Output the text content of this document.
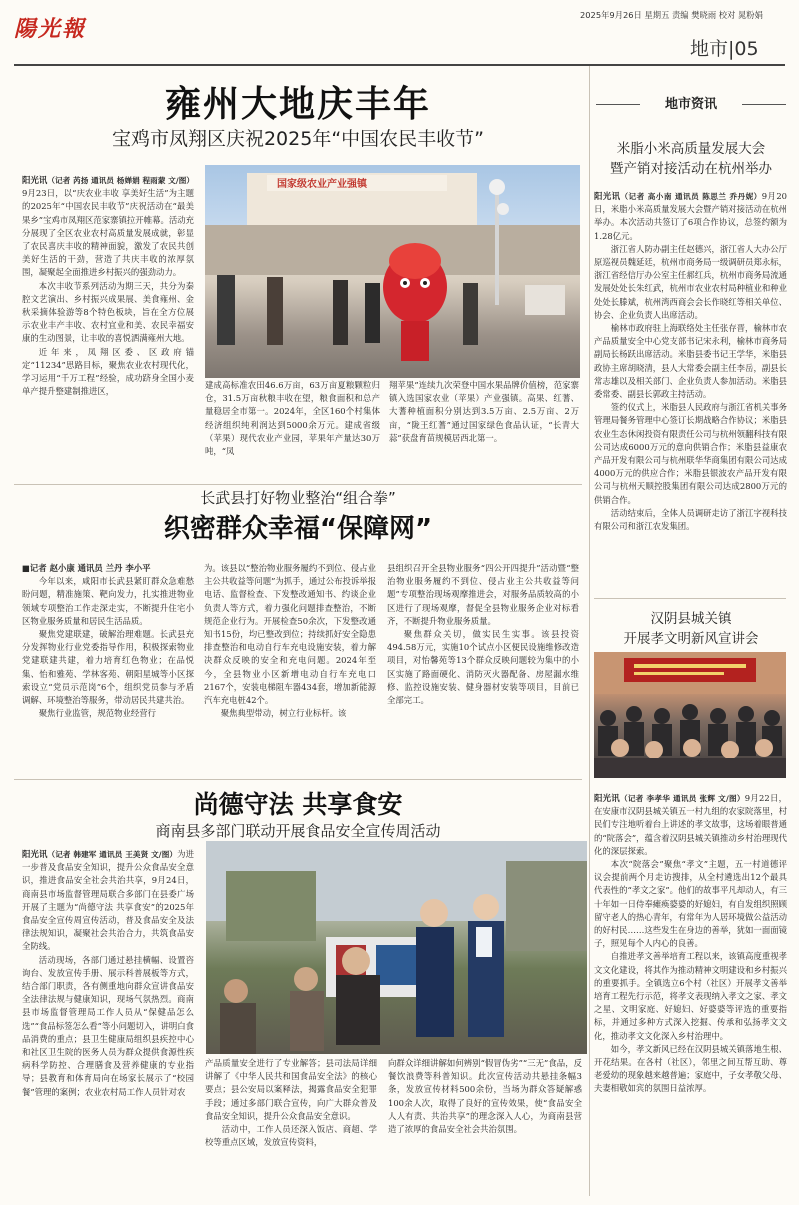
陽光報
2025年9月26日 星期五 责编 樊晓雨 校对 晁粉娟
地市|05
雍州大地庆丰年
宝鸡市凤翔区庆祝2025年“中国农民丰收节”

阳光讯（记者 芮扬 通讯员 杨婵娟 程雨蒙 文/图）9月23日，以“庆农业丰收 享美好生活”为主题的2025年“中国农民丰收节”庆祝活动在“最美果乡”宝鸡市凤翔区范家寨镇拉开帷幕。活动充分展现了全区农业农村高质量发展成就，彰显了农民喜庆丰收的精神面貌，激发了农民共创美好生活的干劲，营造了共庆丰收的浓厚氛围，凝聚起全面推进乡村振兴的强劲动力。

本次丰收节系列活动为期三天，共分为秦腔文艺演出、乡村振兴成果展、美食雍州、金秋采摘体验游等8个特色板块，旨在全方位展示农业丰产丰收、农村宜业和美、农民幸福安康的生动图景，让丰收的喜悦洒满雍州大地。

近年来，凤翔区委、区政府锚定“11234”思路目标，聚焦农业农村现代化，学习运用“千万工程”经验，成功跻身全国小麦单产提升整建制推进区，

国家级农业产业强镇

建成高标准农田46.6万亩，63万亩夏粮颗粒归仓，31.5万亩秋粮丰收在望，粮食面积和总产量稳居全市第一。2024年，全区160个村集体经济组织纯利润达到5000余万元。建成省级（苹果）现代农业产业园，苹果年产量达30万吨，“凤

翔苹果”连续九次荣登中国水果品牌价值榜，范家寨镇入选国家农业（苹果）产业强镇。高果、红蓍、大蓍种植面积分别达到3.5万亩、2.5万亩、2万亩，“陇王红蓍”通过国家绿色食品认证，“长青大蒜”获盘育苗规模居西北第一。

长武县打好物业整治“组合拳”
织密群众幸福“保障网”

■记者 赵小康 通讯员 兰丹 李小平

今年以来，咸阳市长武县紧盯群众急难愁盼问题，精准施策、靶向发力，扎实推进物业领域专项整治工作走深走实，不断提升住宅小区物业服务质量和居民生活品质。

聚焦党建联建，破解治理难题。长武县充分发挥物业行业党委指导作用，积极探索物业党建联建共建，着力培育红色物业；在品悦集、怡和雅苑、学林客苑、朝阳星城等小区探索设立“党员示范岗”6个，组织党员参与矛盾调解、环境整治等服务，带动居民共建共治。

聚焦行业监管，规范物业经营行

为。该县以“整治物业服务履约不到位、侵占业主公共收益等问题”为抓手，通过公布投诉举报电话、监督检查、下发整改通知书、约谈企业负责人等方式，着力强化问题排查整治，不断规范企业行为。开展检查50余次，下发整改通知书15份，均已整改到位；持续抓好安全隐患排查整治和电动自行车充电设施安装，着力解决群众反映的安全和充电问题。2024年至今，全县物业小区新增电动自行车充电口2167个，安装电梯阻车器434套，增加新能源汽车充电桩42个。

聚焦典型带动，树立行业标杆。该

县组织召开全县物业服务“四公开四提升”活动暨“整治物业服务履约不到位、侵占业主公共收益等问题”专项整治现场观摩推进会，对服务品质较高的小区进行了现场观摩，督促全县物业服务企业对标看齐，不断提升物业服务质量。

聚焦群众关切，做实民生实事。该县投资494.58万元，实施10个试点小区便民设施维修改造项目，对怡馨苑等13个群众反映问题较为集中的小区实施了路面硬化、消防灭火器配备、房屋漏水维修、监控设施安装、健身器材安装等项目，目前已全部完工。

尚德守法 共享食安
商南县多部门联动开展食品安全宣传周活动

阳光讯（记者 韩建军 通讯员 王美贤 文/图）为进一步普及食品安全知识，提升公众食品安全意识，推进食品安全社会共治共享，9月24日，商南县市场监督管理局联合多部门在县委广场开展了主题为“尚德守法 共享食安”的2025年食品安全宣传周宣传活动，普及食品安全及法律法规知识，凝聚社会共治合力，共筑食品安全防线。

活动现场，各部门通过悬挂横幅、设置咨询台、发放宣传手册、展示科普展板等方式，结合部门职责，各有侧重地向群众宣讲食品安全法律法规与健康知识，现场气氛热烈。商南县市场监督管理局工作人员从“保健品怎么选”“食品标签怎么看”等小问题切入，讲明白食品消费的重点；县卫生健康局组织县疾控中心和社区卫生院的医务人员为群众提供食源性疾病科学防控、合理膳食及营养健康的专业指导；县教育和体育局向在场家长展示了“校园餐”管理的案例；农业农村局工作人员针对农

产品质量安全进行了专业解答；县司法局详细讲解了《中华人民共和国食品安全法》的核心要点；县公安局以案释法，揭露食品安全犯罪手段；通过多部门联合宣传，向广大群众普及食品安全知识，提升公众食品安全意识。

活动中，工作人员还深入饭店、商超、学校等重点区域，发放宣传资料，

向群众详细讲解如何辨别“假冒伪劣”“三无”食品，反餐饮浪费等科普知识。此次宣传活动共悬挂条幅3条，发放宣传材料500余份，当场为群众答疑解惑100余人次，取得了良好的宣传效果，使“食品安全人人有责、共治共享”的理念深入人心，为商南县营造了浓厚的食品安全社会共治氛围。

地市资讯
米脂小米高质量发展大会
暨产销对接活动在杭州举办

阳光讯（记者 高小南 通讯员 陈思兰 乔丹妮）9月20日，米脂小米高质量发展大会暨产销对接活动在杭州举办。本次活动共签订了6项合作协议，总签约额为1.28亿元。

浙江省人防办副主任赵德兴，浙江省人大办公厅原巡视员魏延廷，杭州市商务局一级调研员郑永标，浙江省经信厅办公室主任郝红兵，杭州市商务局流通发展处处长朱红武，杭州市农业农村局种植业和种业处处长滕斌，杭州湾西商会会长作晓红等相关单位、协会、企业负责人出席活动。

榆林市政府驻上海联络处主任张存晋，榆林市农产品质量安全中心党支部书记宋永利，榆林市商务局副局长杨跃出席活动。米脂县委书记王学华，米脂县政协主席胡晓清，县人大常委会副主任李岳，副县长常志雄以及相关部门、企业负责人参加活动。米脂县委常委、副县长郭政主持活动。

签约仪式上，米脂县人民政府与浙江省机关事务管理局餐务管理中心签订长期战略合作协议；米脂县农业生态休闲投资有限责任公司与杭州领翻科技有限公司达成6000万元的意向供销合作；米脂县益康农产品开发有限公司与杭州联华华商集团有限公司达成4000万元的供应合作；米脂县银波农产品开发有限公司与杭州天顺控股集团有限公司达成2800万元的供销合作。

活动结束后，全体人员调研走访了浙江字视科技有限公司和浙江农发集团。

汉阴县城关镇
开展孝文明新风宣讲会

阳光讯（记者 李孝华 通讯员 张辉 文/图）9月22日，在安康市汉阴县城关镇五一村九组的农家院落里，村民们专注地听着台上讲述的孝文故事，这场着眼普通的“院落会”，蕴含着汉阴县城关镇推动乡村治理现代化的深层探索。

本次“院落会”聚焦“孝文”主题，五一村道德评议会提前两个月走访搜排，从全村遴选出12个最具代表性的“孝文之家”。他们的故事平凡却动人，有三十年如一日侍奉瘫痪婆婆的好媳妇，有自发组织照顾留守老人的热心青年，有常年为人居环境做公益活动的好村民……这些发生在身边的善举，犹如一面面镜子，照见每个人内心的良善。

自推进孝文善举培育工程以来，该镇高度重视孝文文化建设，将其作为推动精神文明建设和乡村振兴的重要抓手。全镇选立6个村（社区）开展孝文善举培育工程先行示范，将孝文表现纳入孝文之家、孝文之星、文明家庭、好媳妇、好婆婆等评选的重要指标，并通过多种方式深入挖掘、传承和弘扬孝文文化，推动孝文文化深入乡村治理中。

如今，孝文新风已经在汉阴县城关镇落地生根、开花结果。在各村（社区），邻里之间互帮互助、尊老爱幼的现象越来越普遍；家庭中，子女孝敬父母、夫妻相敬如宾的氛围日益浓厚。
